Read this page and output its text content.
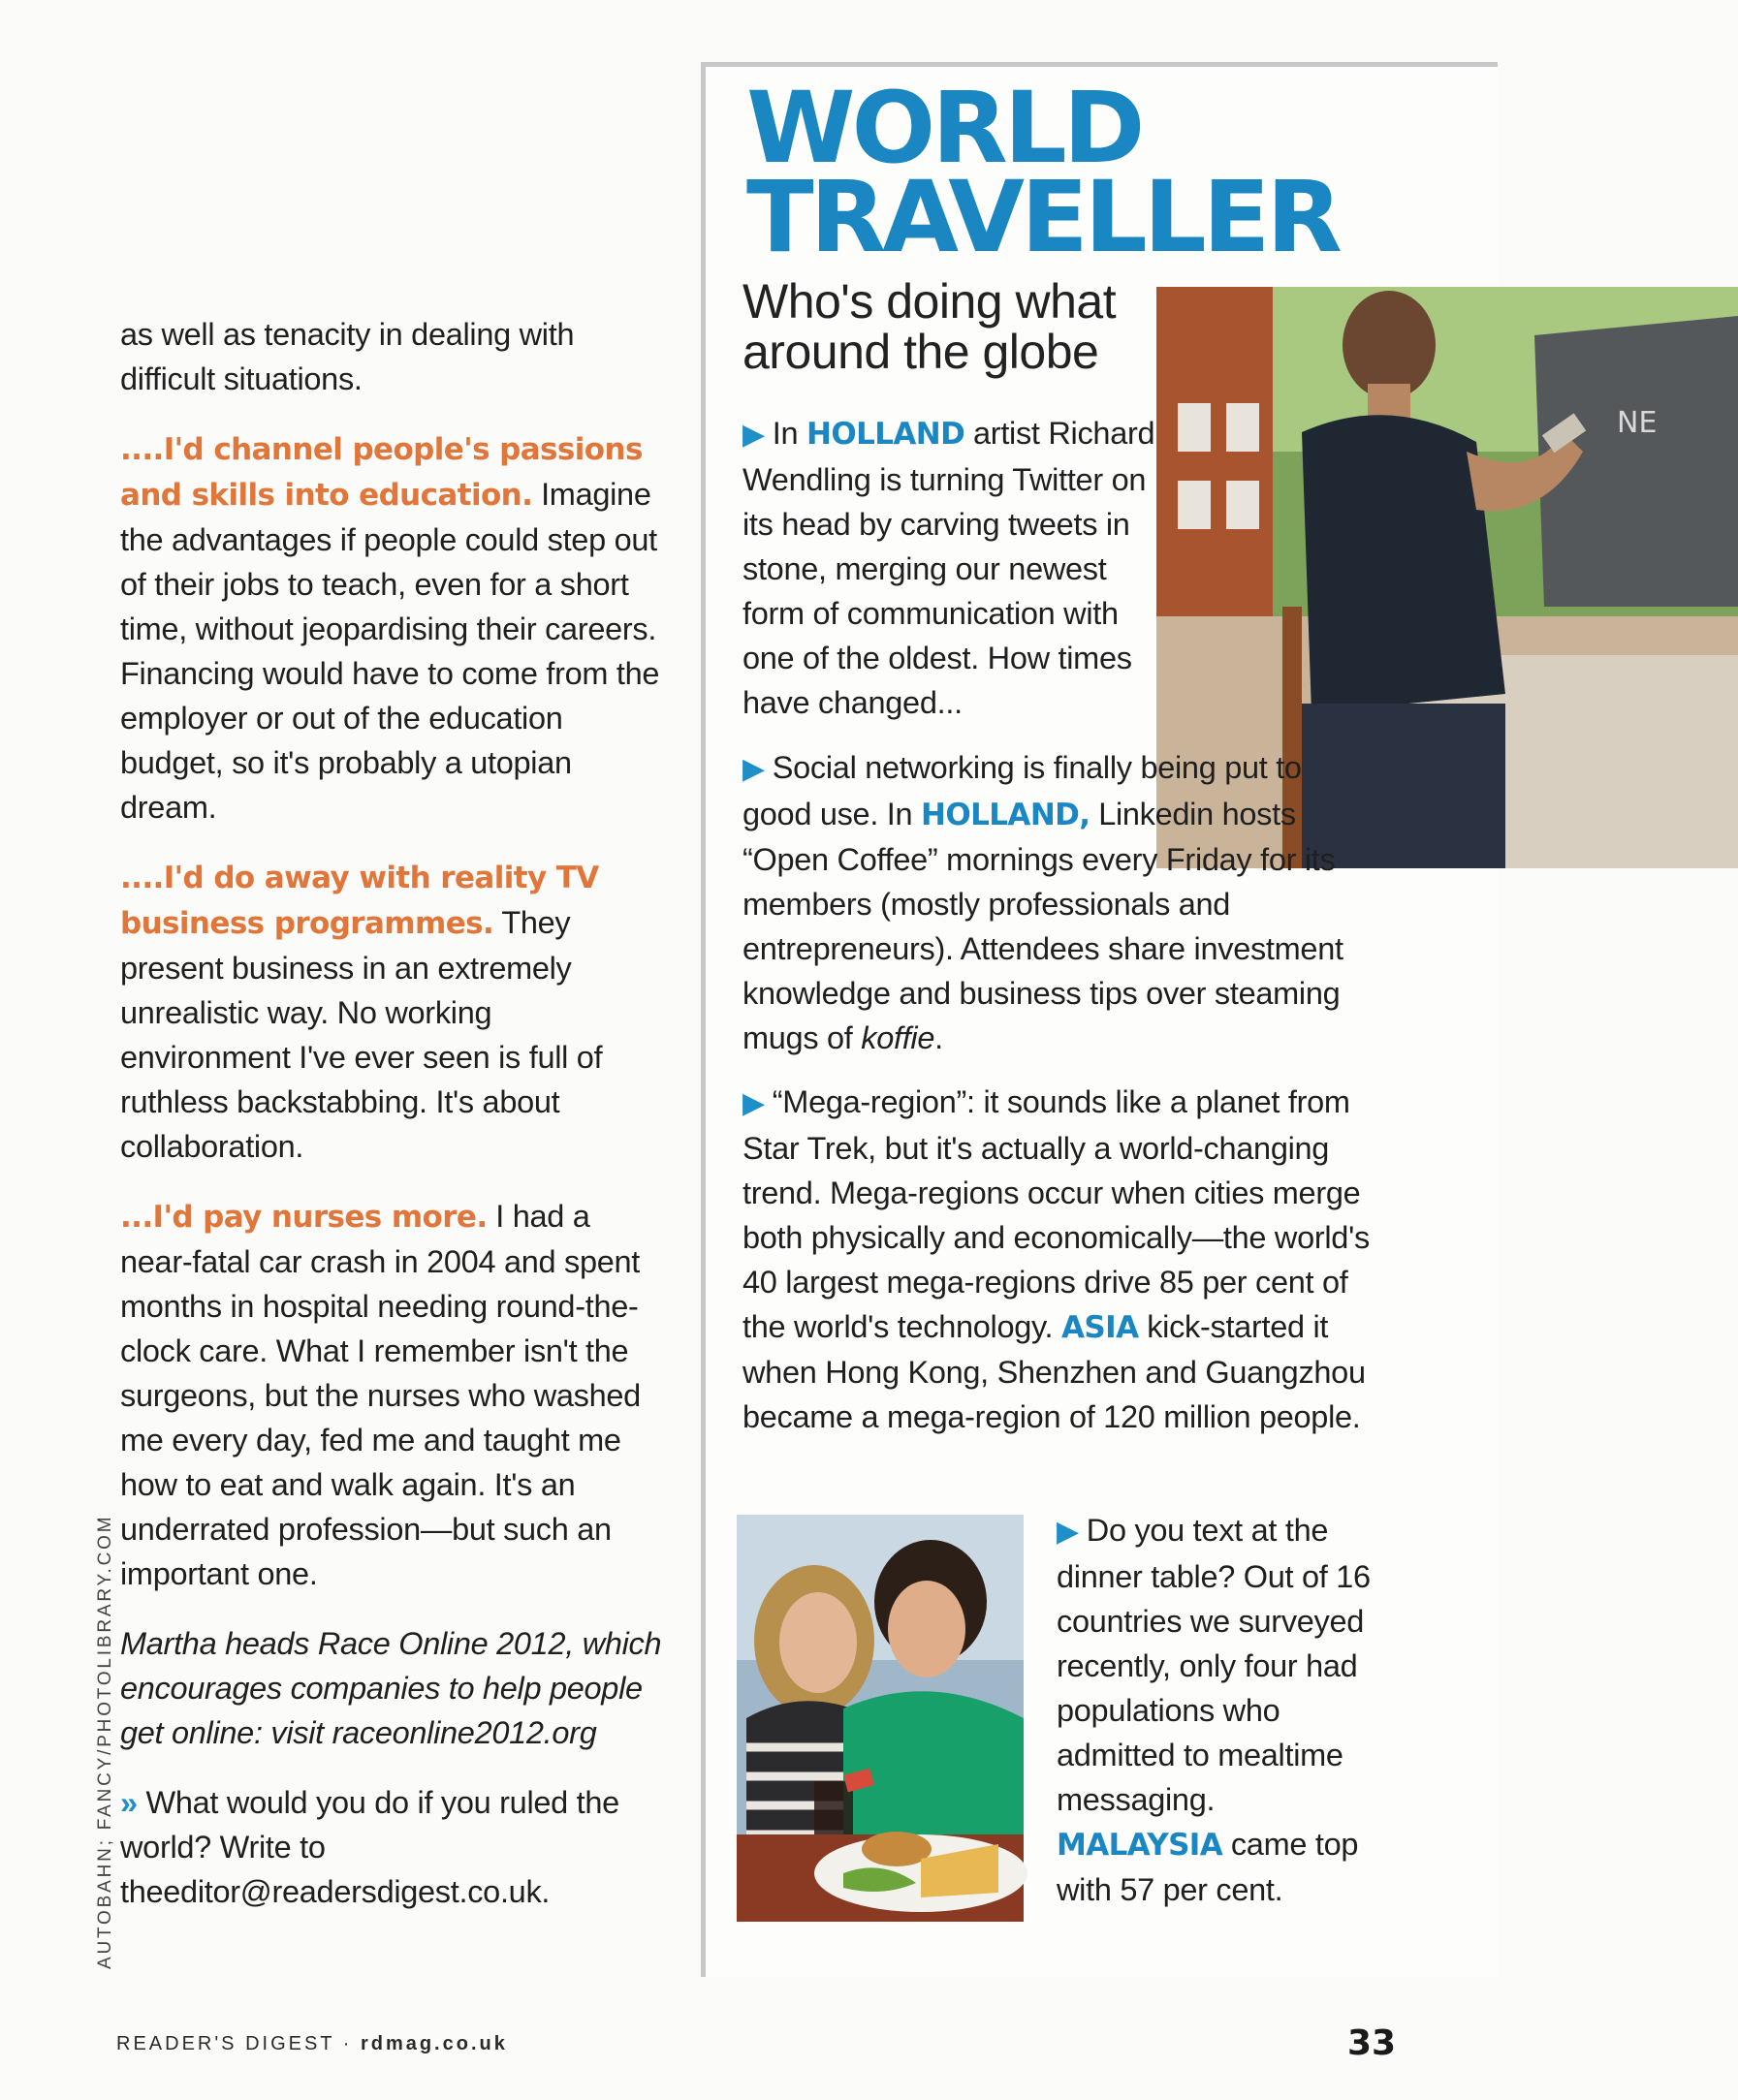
as well as tenacity in dealing with difficult situations.

....I'd channel people's passions and skills into education. Imagine the advantages if people could step out of their jobs to teach, even for a short time, without jeopardising their careers. Financing would have to come from the employer or out of the education budget, so it's probably a utopian dream.

....I'd do away with reality TV business programmes. They present business in an extremely unrealistic way. No working environment I've ever seen is full of ruthless backstabbing. It's about collaboration.

...I'd pay nurses more. I had a near-fatal car crash in 2004 and spent months in hospital needing round-the-clock care. What I remember isn't the surgeons, but the nurses who washed me every day, fed me and taught me how to eat and walk again. It's an underrated profession—but such an important one.

Martha heads Race Online 2012, which encourages companies to help people get online: visit raceonline2012.org

» What would you do if you ruled the world? Write to theeditor@readersdigest.co.uk.

AUTOBAHN; FANCY/PHOTOLIBRARY.COM
WORLD
TRAVELLER
Who's doing what
around the globe
NE
▶ In HOLLAND artist Richard Wendling is turning Twitter on its head by carving tweets in stone, merging our newest form of communication with one of the oldest. How times have changed...
▶ Social networking is finally being put to good use. In HOLLAND, Linkedin hosts “Open Coffee” mornings every Friday for its members (mostly professionals and entrepreneurs). Attendees share investment knowledge and business tips over steaming mugs of koffie.
▶ “Mega-region”: it sounds like a planet from Star Trek, but it's actually a world-changing trend. Mega-regions occur when cities merge both physically and economically—the world's 40 largest mega-regions drive 85 per cent of the world's technology. ASIA kick-started it when Hong Kong, Shenzhen and Guangzhou became a mega-region of 120 million people.
▶ Do you text at the dinner table? Out of 16 countries we surveyed recently, only four had populations who admitted to mealtime messaging. MALAYSIA came top with 57 per cent.
READER'S DIGEST · rdmag.co.uk	33
